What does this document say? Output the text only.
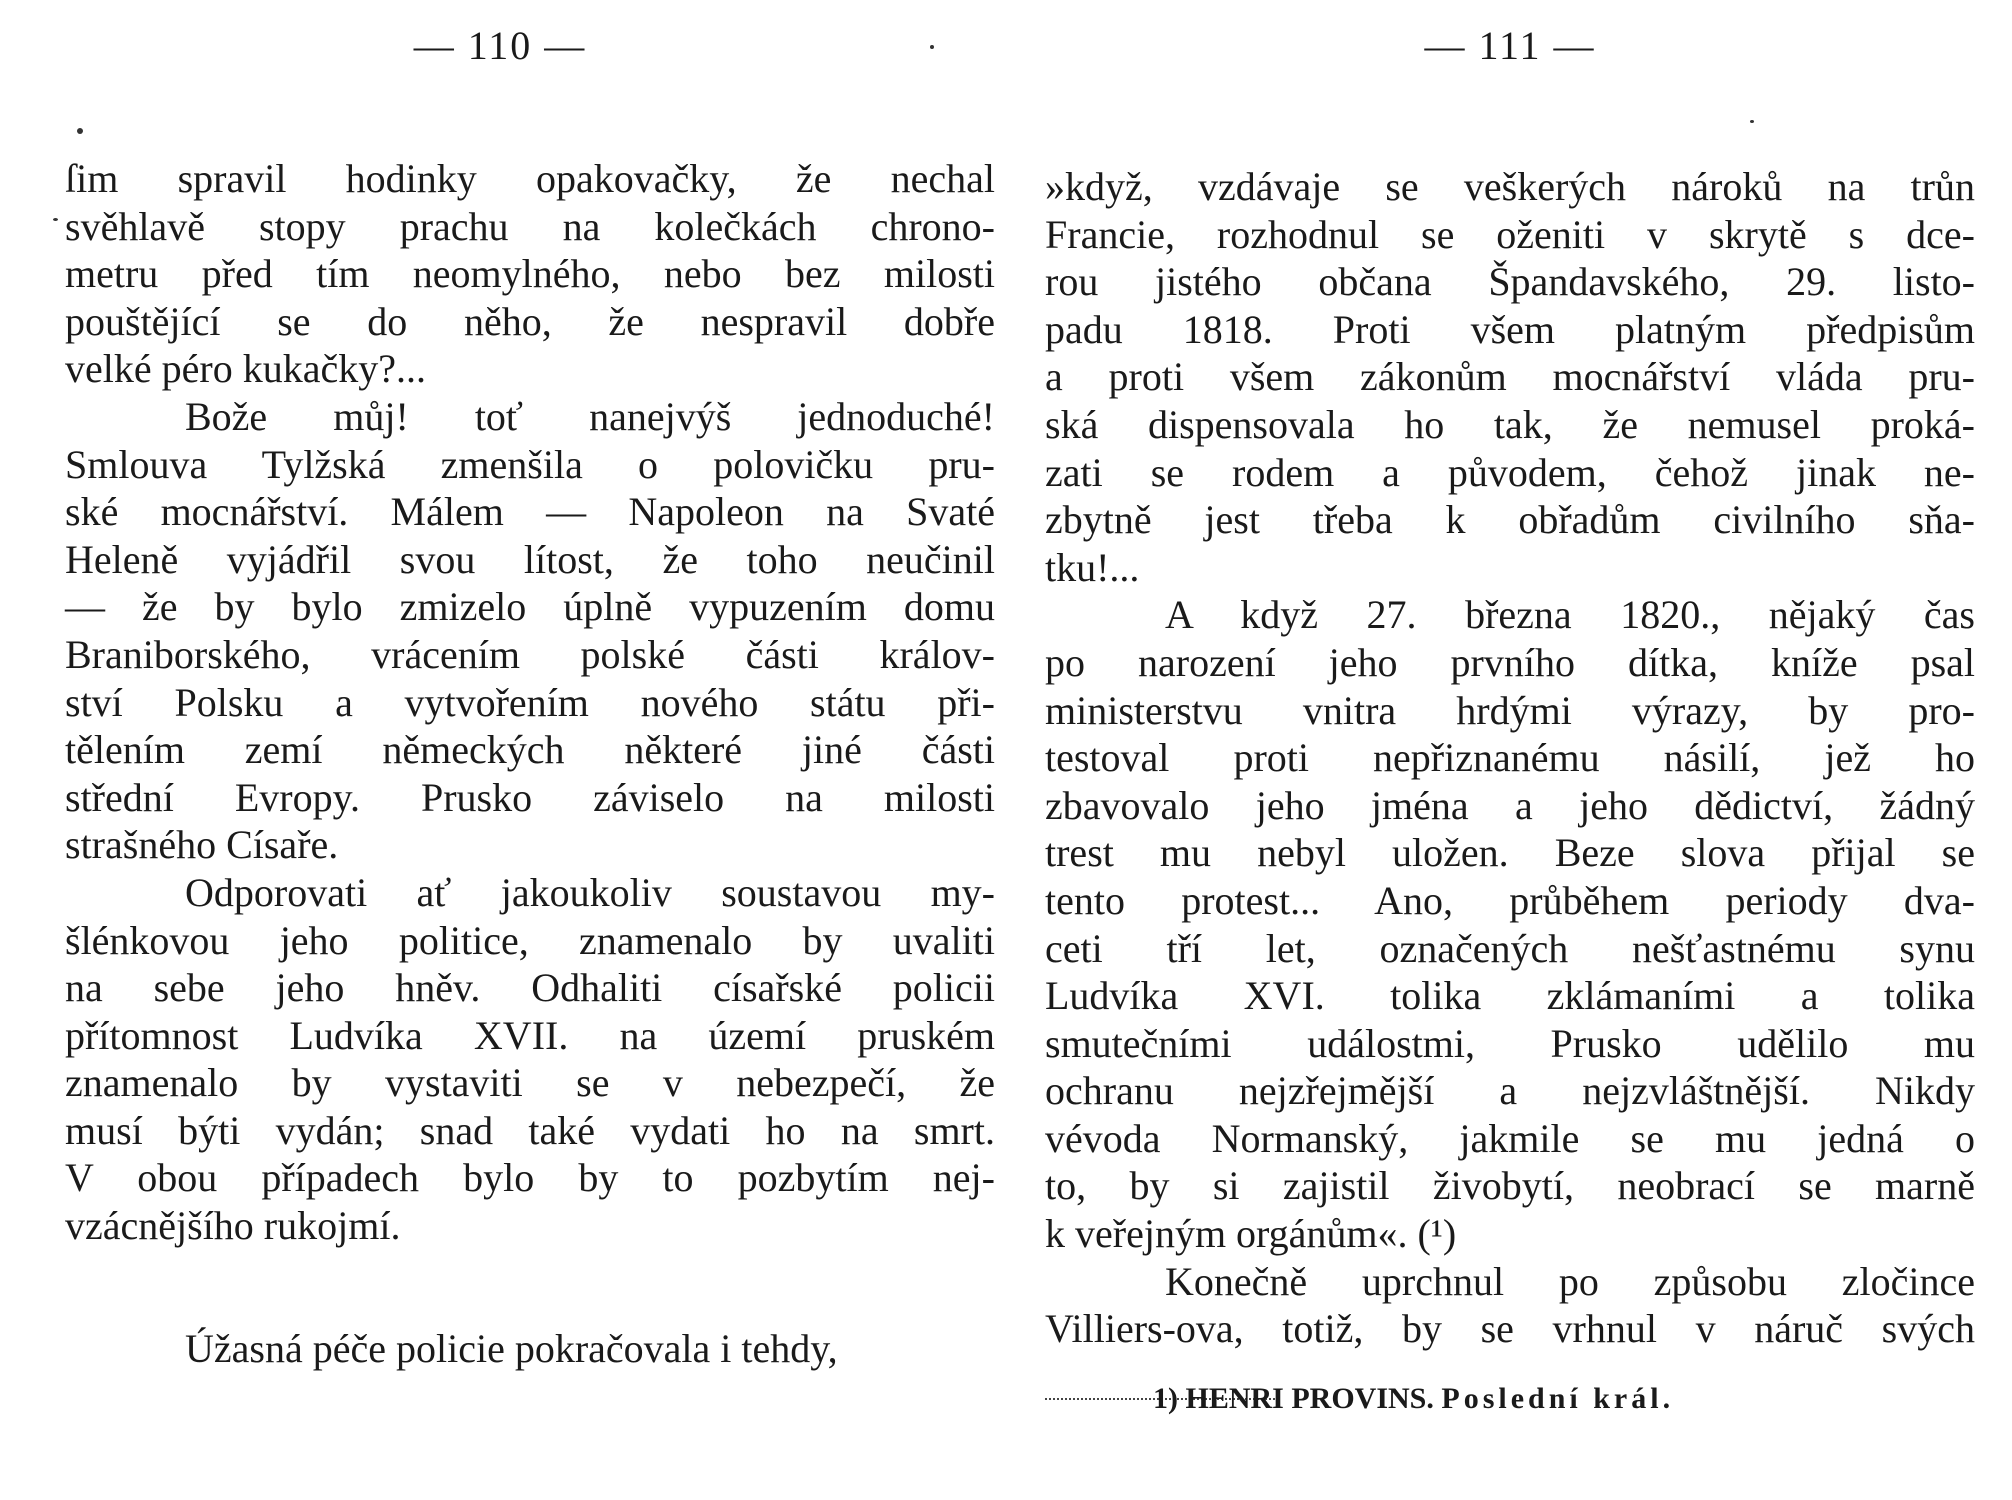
— 110 —
ſim spravil hodinky opakovačky, že nechal
svěhlavě stopy prachu na kolečkách chrono-
metru před tím neomylného, nebo bez milosti
pouštějící se do něho, že nespravil dobře
velké péro kukačky?...
Bože můj! toť nanejvýš jednoduché!
Smlouva Tylžská zmenšila o polovičku pru-
ské mocnářství. Málem — Napoleon na Svaté
Heleně vyjádřil svou lítost, že toho neučinil
— že by bylo zmizelo úplně vypuzením domu
Braniborského, vrácením polské části králov-
ství Polsku a vytvořením nového státu při-
tělením zemí německých některé jiné části
střední Evropy. Prusko záviselo na milosti
strašného Císaře.
Odporovati ať jakoukoliv soustavou my-
šlénkovou jeho politice, znamenalo by uvaliti
na sebe jeho hněv. Odhaliti císařské policii
přítomnost Ludvíka XVII. na území pruském
znamenalo by vystaviti se v nebezpečí, že
musí býti vydán; snad také vydati ho na smrt.
V obou případech bylo by to pozbytím nej-
vzácnějšího rukojmí.
Úžasná péče policie pokračovala i tehdy,
— 111 —
»když, vzdávaje se veškerých nároků na trůn
Francie, rozhodnul se oženiti v skrytě s dce-
rou jistého občana Špandavského, 29. listo-
padu 1818. Proti všem platným předpisům
a proti všem zákonům mocnářství vláda pru-
ská dispensovala ho tak, že nemusel proká-
zati se rodem a původem, čehož jinak ne-
zbytně jest třeba k obřadům civilního sňa-
tku!...
A když 27. března 1820., nějaký čas
po narození jeho prvního dítka, kníže psal
ministerstvu vnitra hrdými výrazy, by pro-
testoval proti nepřiznanému násilí, jež ho
zbavovalo jeho jména a jeho dědictví, žádný
trest mu nebyl uložen. Beze slova přijal se
tento protest... Ano, průběhem periody dva-
ceti tří let, označených nešťastnému synu
Ludvíka XVI. tolika zklámaními a tolika
smutečními událostmi, Prusko udělilo mu
ochranu nejzřejmější a nejzvláštnější. Nikdy
vévoda Normanský, jakmile se mu jedná o
to, by si zajistil živobytí, neobrací se marně
k veřejným orgánům«. (¹)
Konečně uprchnul po způsobu zločince
Villiers-ova, totiž, by se vrhnul v náruč svých
1) HENRI PROVINS. Poslední král.
